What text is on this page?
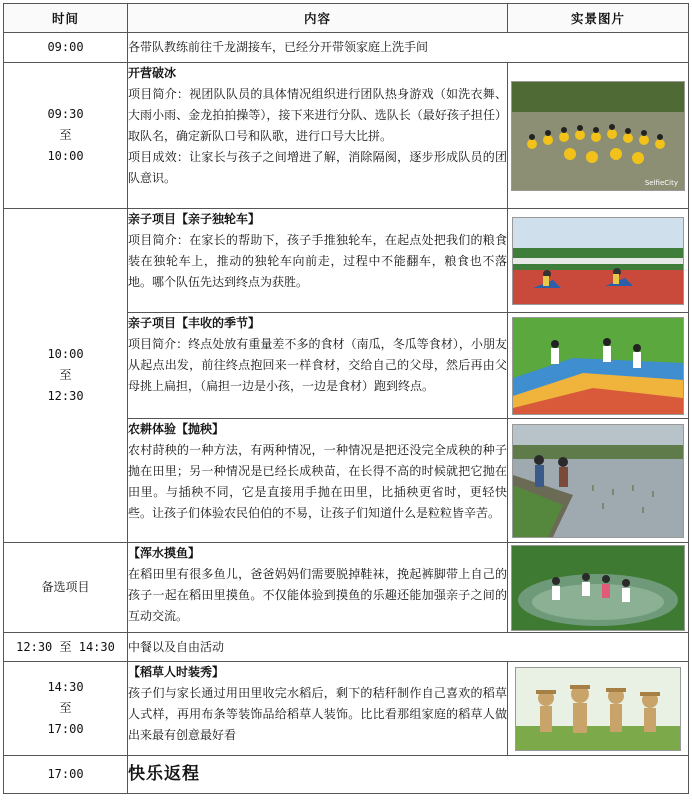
时间	内容	实景图片

09:00	各带队教练前往千龙湖接车，已经分开带领家庭上洗手间	

09:30
至
10:00	开营破冰
项目简介：视团队队员的具体情况组织进行团队热身游戏（如洗衣舞、大雨小雨、金龙拍拍操等），接下来进行分队、选队长（最好孩子担任）取队名，确定新队口号和队歌，进行口号大比拼。
项目成效：让家长与孩子之间增进了解，消除隔阂，逐步形成队员的团队意识。	SelfieCity

10:00
至
12:30	亲子项目【亲子独轮车】
项目简介：在家长的帮助下，孩子手推独轮车，在起点处把我们的粮食装在独轮车上，推动的独轮车向前走，过程中不能翻车，粮食也不落地。哪个队伍先达到终点为获胜。

	亲子项目【丰收的季节】
项目简介：终点处放有重量差不多的食材（南瓜，冬瓜等食材），小朋友从起点出发，前往终点抱回来一样食材，交给自己的父母，然后再由父母挑上扁担，（扁担一边是小孩，一边是食材）跑到终点。

	农耕体验【抛秧】
农村莳秧的一种方法，有两种情况，一种情况是把还没完全成秧的种子抛在田里；另一种情况是已经长成秧苗，在长得不高的时候就把它抛在田里。与插秧不同，它是直接用手抛在田里，比插秧更省时，更轻快些。让孩子们体验农民伯伯的不易，让孩子们知道什么是粒粒皆辛苦。

备选项目	【浑水摸鱼】
在稻田里有很多鱼儿，爸爸妈妈们需要脱掉鞋袜，挽起裤脚带上自己的孩子一起在稻田里摸鱼。不仅能体验到摸鱼的乐趣还能加强亲子之间的互动交流。

12:30 至 14:30	中餐以及自由活动	

14:30
至
17:00	【稻草人时装秀】
孩子们与家长通过用田里收完水稻后，剩下的秸秆制作自己喜欢的稻草人式样，再用布条等装饰品给稻草人装饰。比比看那组家庭的稻草人做出来最有创意最好看

17:00	快乐返程	
